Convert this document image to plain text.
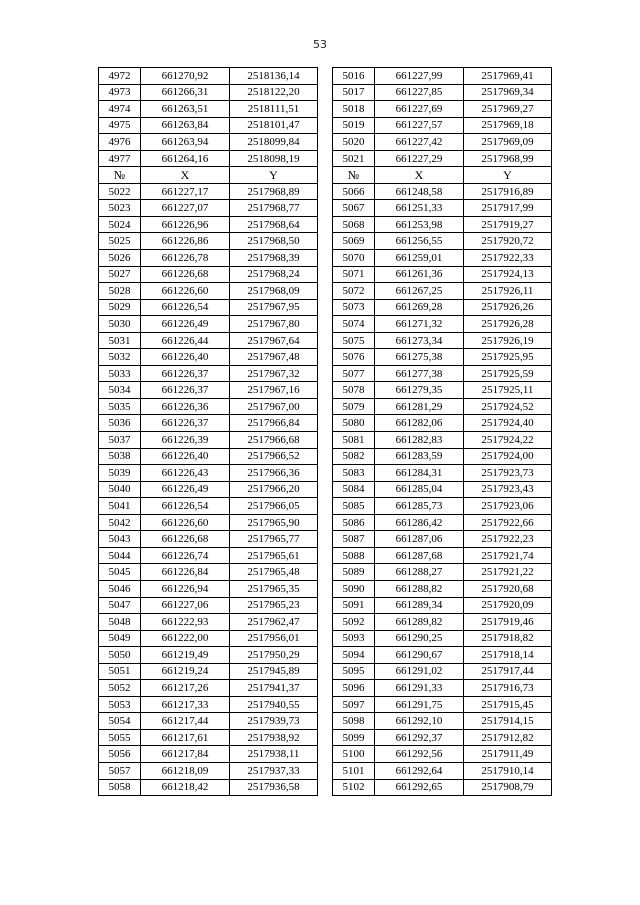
53
4972	661270,92	2518136,14
4973	661266,31	2518122,20
4974	661263,51	2518111,51
4975	661263,84	2518101,47
4976	661263,94	2518099,84
4977	661264,16	2518098,19
№	X	Y
5022	661227,17	2517968,89
5023	661227,07	2517968,77
5024	661226,96	2517968,64
5025	661226,86	2517968,50
5026	661226,78	2517968,39
5027	661226,68	2517968,24
5028	661226,60	2517968,09
5029	661226,54	2517967,95
5030	661226,49	2517967,80
5031	661226,44	2517967,64
5032	661226,40	2517967,48
5033	661226,37	2517967,32
5034	661226,37	2517967,16
5035	661226,36	2517967,00
5036	661226,37	2517966,84
5037	661226,39	2517966,68
5038	661226,40	2517966,52
5039	661226,43	2517966,36
5040	661226,49	2517966,20
5041	661226,54	2517966,05
5042	661226,60	2517965,90
5043	661226,68	2517965,77
5044	661226,74	2517965,61
5045	661226,84	2517965,48
5046	661226,94	2517965,35
5047	661227,06	2517965,23
5048	661222,93	2517962,47
5049	661222,00	2517956,01
5050	661219,49	2517950,29
5051	661219,24	2517945,89
5052	661217,26	2517941,37
5053	661217,33	2517940,55
5054	661217,44	2517939,73
5055	661217,61	2517938,92
5056	661217,84	2517938,11
5057	661218,09	2517937,33
5058	661218,42	2517936,58
5016	661227,99	2517969,41
5017	661227,85	2517969,34
5018	661227,69	2517969,27
5019	661227,57	2517969,18
5020	661227,42	2517969,09
5021	661227,29	2517968,99
№	X	Y
5066	661248,58	2517916,89
5067	661251,33	2517917,99
5068	661253,98	2517919,27
5069	661256,55	2517920,72
5070	661259,01	2517922,33
5071	661261,36	2517924,13
5072	661267,25	2517926,11
5073	661269,28	2517926,26
5074	661271,32	2517926,28
5075	661273,34	2517926,19
5076	661275,38	2517925,95
5077	661277,38	2517925,59
5078	661279,35	2517925,11
5079	661281,29	2517924,52
5080	661282,06	2517924,40
5081	661282,83	2517924,22
5082	661283,59	2517924,00
5083	661284,31	2517923,73
5084	661285,04	2517923,43
5085	661285,73	2517923,06
5086	661286,42	2517922,66
5087	661287,06	2517922,23
5088	661287,68	2517921,74
5089	661288,27	2517921,22
5090	661288,82	2517920,68
5091	661289,34	2517920,09
5092	661289,82	2517919,46
5093	661290,25	2517918,82
5094	661290,67	2517918,14
5095	661291,02	2517917,44
5096	661291,33	2517916,73
5097	661291,75	2517915,45
5098	661292,10	2517914,15
5099	661292,37	2517912,82
5100	661292,56	2517911,49
5101	661292,64	2517910,14
5102	661292,65	2517908,79
